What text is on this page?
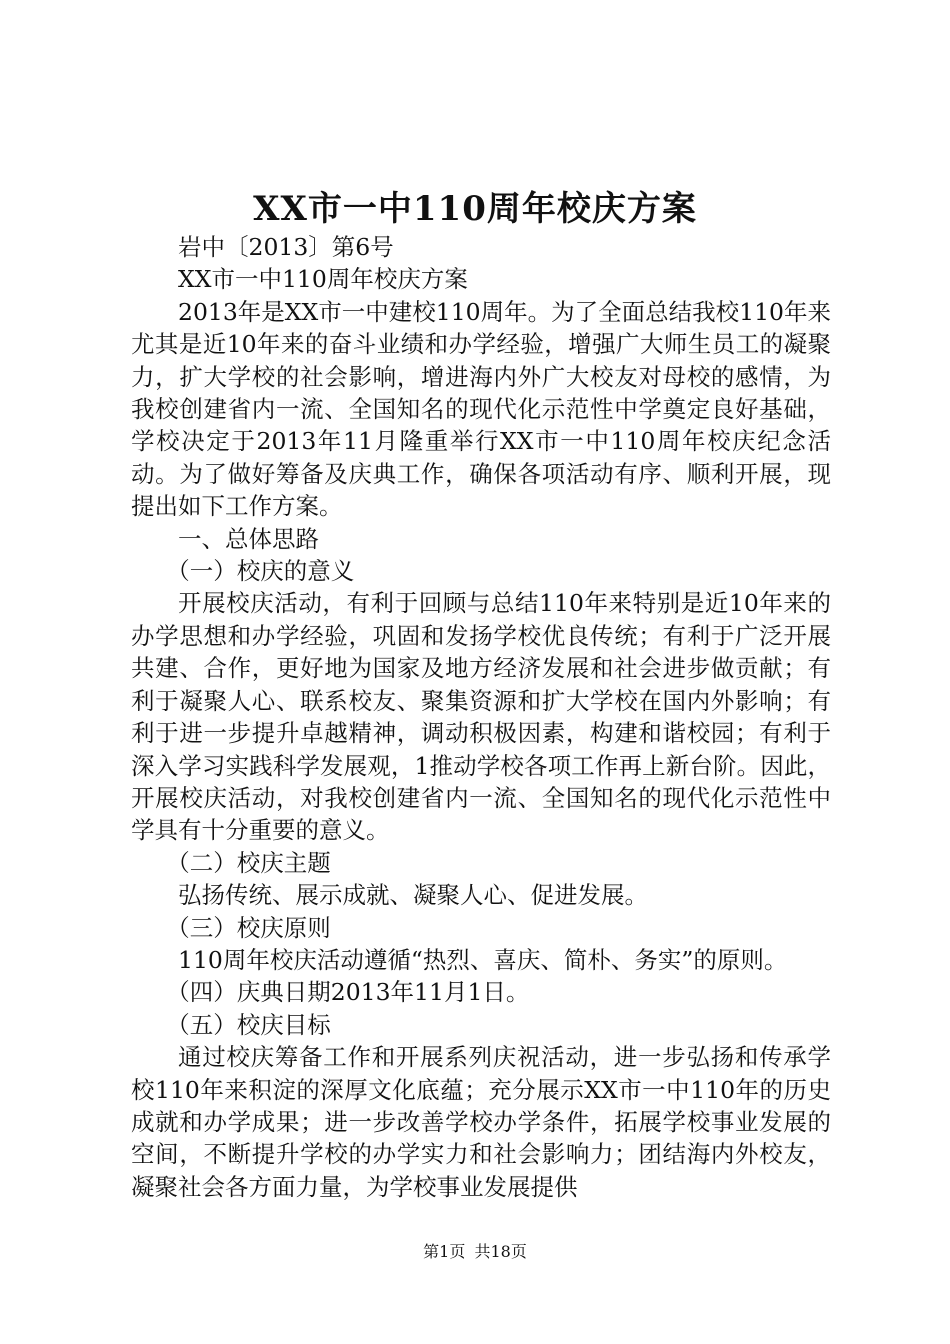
XX市一中110周年校庆方案

岩中〔2013〕第6号

XX市一中110周年校庆方案

2013年是XX市一中建校110周年。为了全面总结我校110年来尤其是近10年来的奋斗业绩和办学经验，增强广大师生员工的凝聚力，扩大学校的社会影响，增进海内外广大校友对母校的感情，为我校创建省内一流、全国知名的现代化示范性中学奠定良好基础，学校决定于2013年11月隆重举行XX市一中110周年校庆纪念活动。为了做好筹备及庆典工作，确保各项活动有序、顺利开展，现提出如下工作方案。

一、总体思路

（一）校庆的意义

开展校庆活动，有利于回顾与总结110年来特别是近10年来的办学思想和办学经验，巩固和发扬学校优良传统；有利于广泛开展共建、合作，更好地为国家及地方经济发展和社会进步做贡献；有利于凝聚人心、联系校友、聚集资源和扩大学校在国内外影响；有利于进一步提升卓越精神，调动积极因素，构建和谐校园；有利于深入学习实践科学发展观，1推动学校各项工作再上新台阶。因此，开展校庆活动，对我校创建省内一流、全国知名的现代化示范性中学具有十分重要的意义。

（二）校庆主题

弘扬传统、展示成就、凝聚人心、促进发展。

（三）校庆原则

110周年校庆活动遵循“热烈、喜庆、简朴、务实”的原则。

（四）庆典日期2013年11月1日。

（五）校庆目标

通过校庆筹备工作和开展系列庆祝活动，进一步弘扬和传承学校110年来积淀的深厚文化底蕴；充分展示XX市一中110年的历史成就和办学成果；进一步改善学校办学条件，拓展学校事业发展的空间，不断提升学校的办学实力和社会影响力；团结海内外校友，凝聚社会各方面力量，为学校事业发展提供

第1页 共18页
